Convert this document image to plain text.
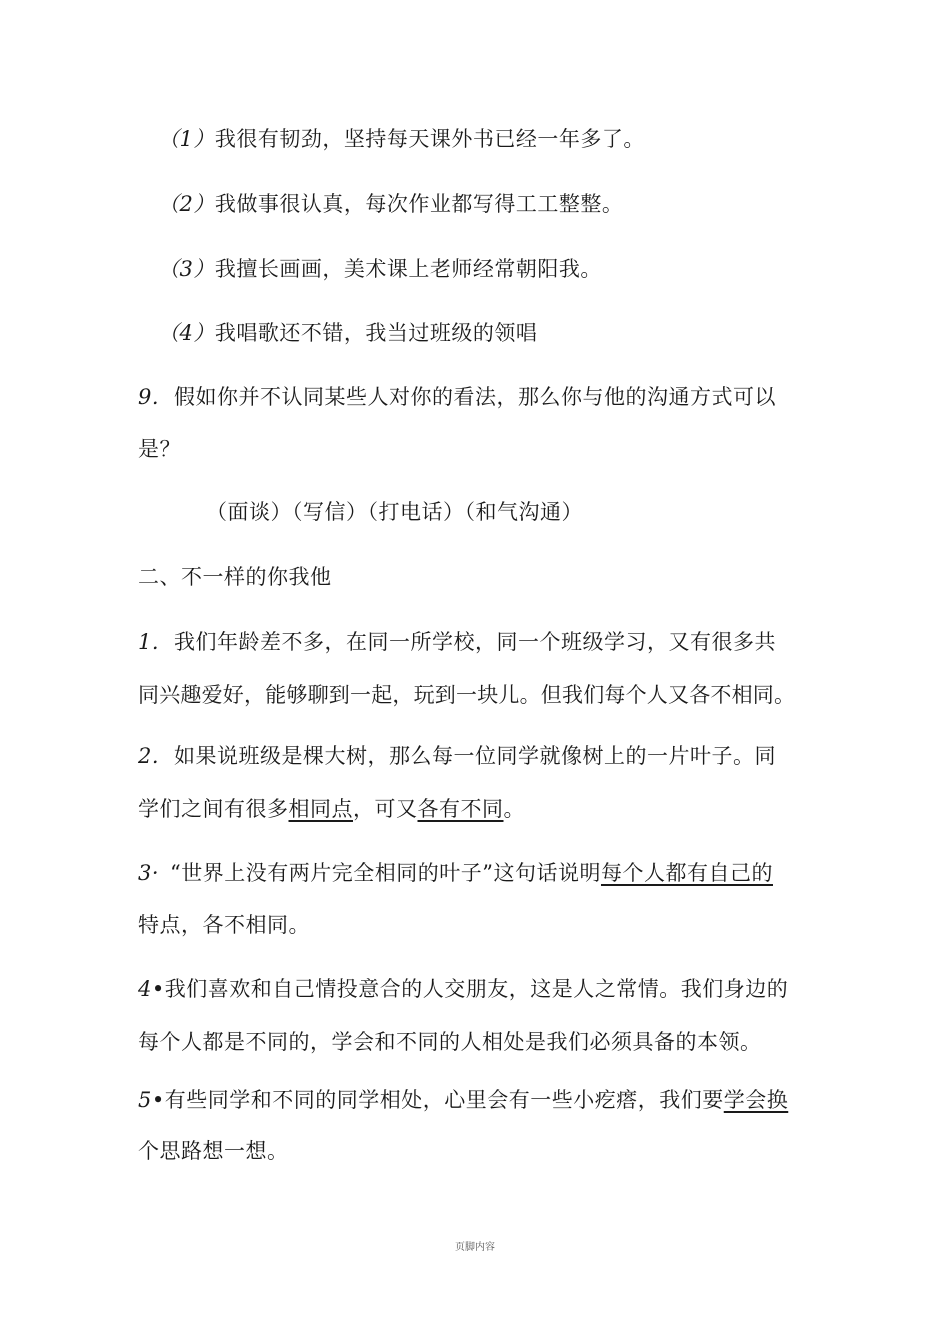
（1）我很有韧劲，坚持每天课外书已经一年多了。
（2）我做事很认真，每次作业都写得工工整整。
（3）我擅长画画，美术课上老师经常朝阳我。
（4）我唱歌还不错，我当过班级的领唱
9. 假如你并不认同某些人对你的看法，那么你与他的沟通方式可以
是？
（面谈）（写信）（打电话）（和气沟通）
二、不一样的你我他
1. 我们年龄差不多，在同一所学校，同一个班级学习，又有很多共
同兴趣爱好，能够聊到一起，玩到一块儿。但我们每个人又各不相同。
2. 如果说班级是棵大树，那么每一位同学就像树上的一片叶子。同
学们之间有很多相同点，可又各有不同。
3· “世界上没有两片完全相同的叶子”这句话说明每个人都有自己的
特点，各不相同。
4•我们喜欢和自己情投意合的人交朋友，这是人之常情。我们身边的
每个人都是不同的，学会和不同的人相处是我们必须具备的本领。
5•有些同学和不同的同学相处，心里会有一些小疙瘩，我们要学会换
个思路想一想。
页脚内容
